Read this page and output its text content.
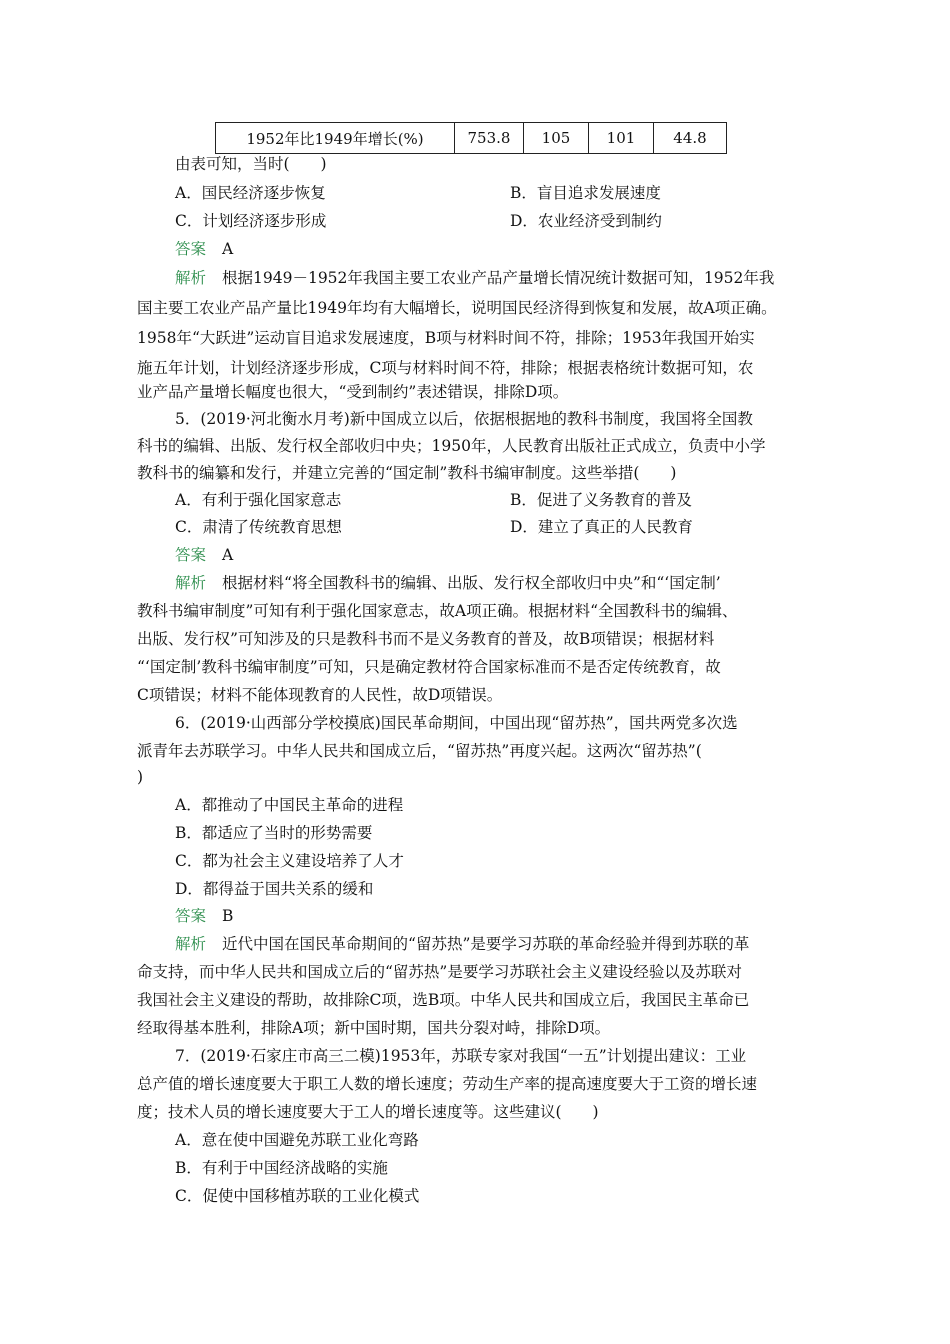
1952年比1949年增长(%)	753.8	105	101	44.8
由表可知，当时(　　)
A．国民经济逐步恢复	B．盲目追求发展速度
C．计划经济逐步形成	D．农业经济受到制约
答案 A
解析 根据1949－1952年我国主要工农业产品产量增长情况统计数据可知，1952年我
国主要工农业产品产量比1949年均有大幅增长，说明国民经济得到恢复和发展，故A项正确。
1958年“大跃进”运动盲目追求发展速度，B项与材料时间不符，排除；1953年我国开始实
施五年计划，计划经济逐步形成，C项与材料时间不符，排除；根据表格统计数据可知，农
业产品产量增长幅度也很大，“受到制约”表述错误，排除D项。
5．(2019·河北衡水月考)新中国成立以后，依据根据地的教科书制度，我国将全国教
科书的编辑、出版、发行权全部收归中央；1950年，人民教育出版社正式成立，负责中小学
教科书的编纂和发行，并建立完善的“国定制”教科书编审制度。这些举措(　　)
A．有利于强化国家意志	B．促进了义务教育的普及
C．肃清了传统教育思想	D．建立了真正的人民教育
答案 A
解析 根据材料“将全国教科书的编辑、出版、发行权全部收归中央”和“‘国定制’
教科书编审制度”可知有利于强化国家意志，故A项正确。根据材料“全国教科书的编辑、
出版、发行权”可知涉及的只是教科书而不是义务教育的普及，故B项错误；根据材料
“‘国定制’教科书编审制度”可知，只是确定教材符合国家标准而不是否定传统教育，故
C项错误；材料不能体现教育的人民性，故D项错误。
6．(2019·山西部分学校摸底)国民革命期间，中国出现“留苏热”，国共两党多次选
派青年去苏联学习。中华人民共和国成立后，“留苏热”再度兴起。这两次“留苏热”(
)
A．都推动了中国民主革命的进程
B．都适应了当时的形势需要
C．都为社会主义建设培养了人才
D．都得益于国共关系的缓和
答案 B
解析 近代中国在国民革命期间的“留苏热”是要学习苏联的革命经验并得到苏联的革
命支持，而中华人民共和国成立后的“留苏热”是要学习苏联社会主义建设经验以及苏联对
我国社会主义建设的帮助，故排除C项，选B项。中华人民共和国成立后，我国民主革命已
经取得基本胜利，排除A项；新中国时期，国共分裂对峙，排除D项。
7．(2019·石家庄市高三二模)1953年，苏联专家对我国“一五”计划提出建议：工业
总产值的增长速度要大于职工人数的增长速度；劳动生产率的提高速度要大于工资的增长速
度；技术人员的增长速度要大于工人的增长速度等。这些建议(　　)
A．意在使中国避免苏联工业化弯路
B．有利于中国经济战略的实施
C．促使中国移植苏联的工业化模式
